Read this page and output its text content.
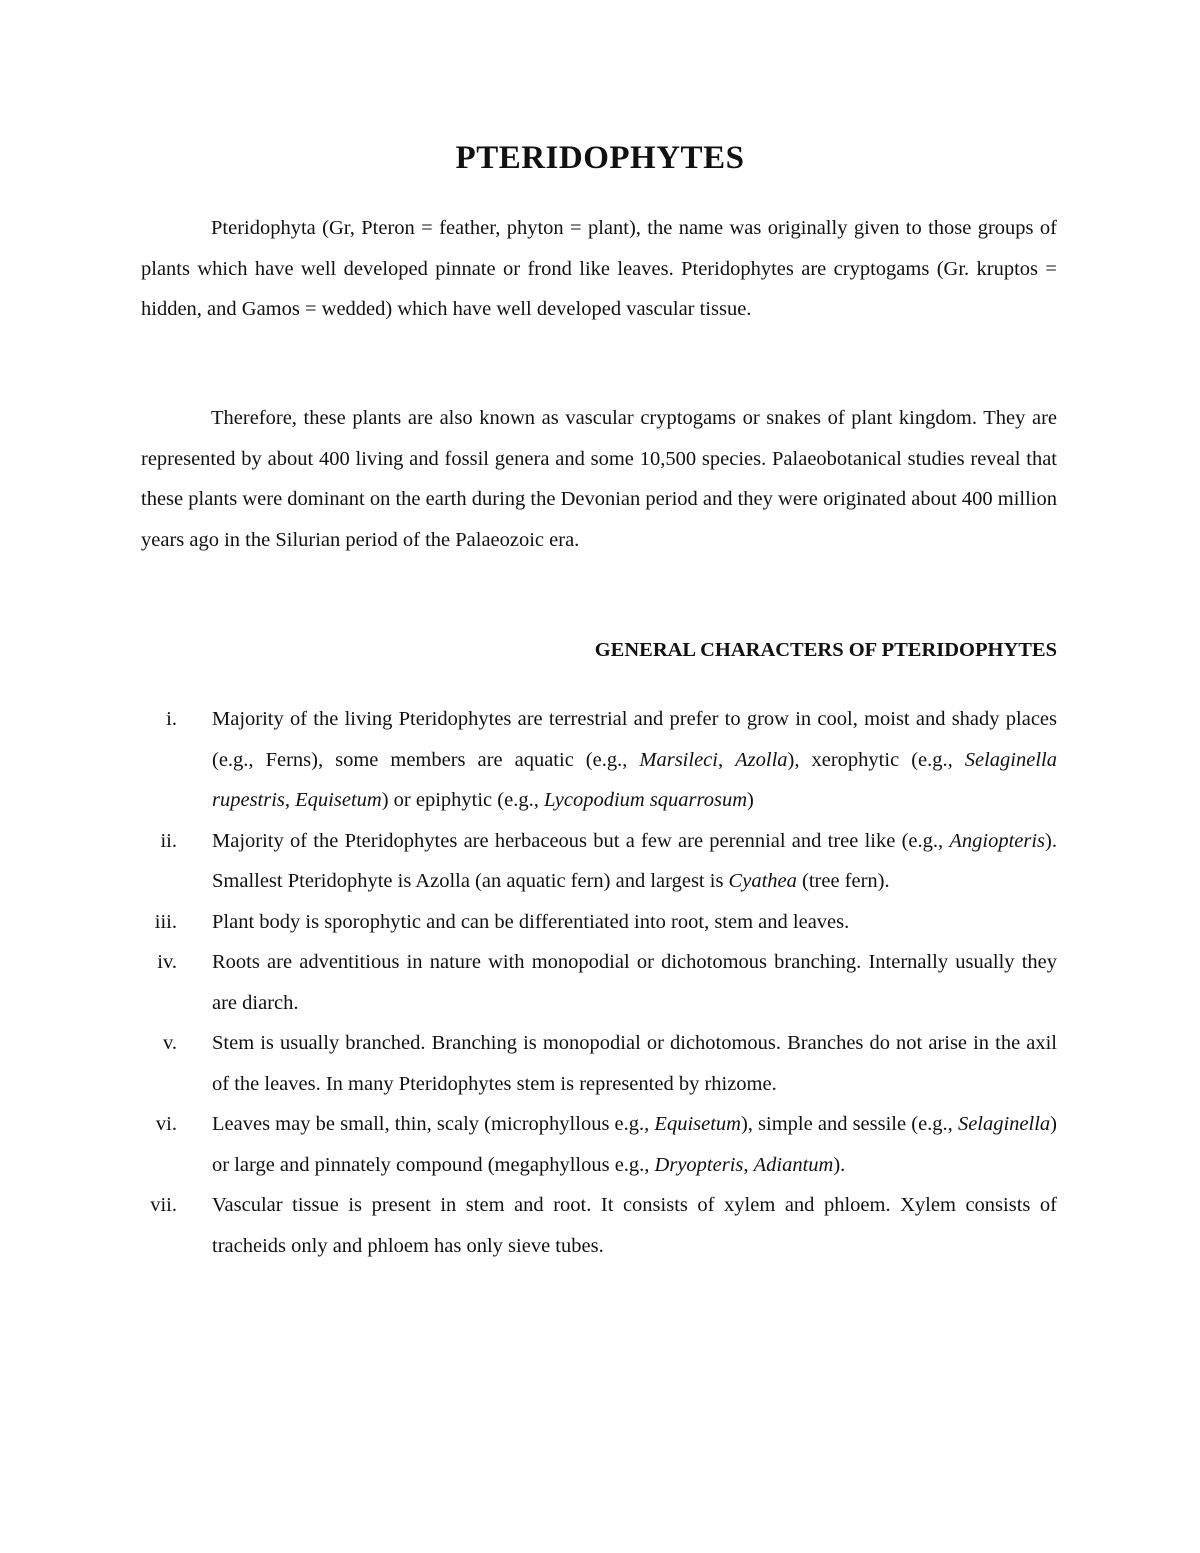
PTERIDOPHYTES

Pteridophyta (Gr, Pteron = feather, phyton = plant), the name was originally given to those groups of plants which have well developed pinnate or frond like leaves. Pteridophytes are cryptogams (Gr. kruptos = hidden, and Gamos = wedded) which have well developed vascular tissue.

Therefore, these plants are also known as vascular cryptogams or snakes of plant kingdom. They are represented by about 400 living and fossil genera and some 10,500 species. Palaeobotanical studies reveal that these plants were dominant on the earth during the Devonian period and they were originated about 400 million years ago in the Silurian period of the Palaeozoic era.

GENERAL CHARACTERS OF PTERIDOPHYTES

i. Majority of the living Pteridophytes are terrestrial and prefer to grow in cool, moist and shady places (e.g., Ferns), some members are aquatic (e.g., Marsileci, Azolla), xerophytic (e.g., Selaginella rupestris, Equisetum) or epiphytic (e.g., Lycopodium squarrosum)

ii. Majority of the Pteridophytes are herbaceous but a few are perennial and tree like (e.g., Angiopteris). Smallest Pteridophyte is Azolla (an aquatic fern) and largest is Cyathea (tree fern).

iii. Plant body is sporophytic and can be differentiated into root, stem and leaves.

iv. Roots are adventitious in nature with monopodial or dichotomous branching. Internally usually they are diarch.

v. Stem is usually branched. Branching is monopodial or dichotomous. Branches do not arise in the axil of the leaves. In many Pteridophytes stem is represented by rhizome.

vi. Leaves may be small, thin, scaly (microphyllous e.g., Equisetum), simple and sessile (e.g., Selaginella) or large and pinnately compound (megaphyllous e.g., Dryopteris, Adiantum).

vii. Vascular tissue is present in stem and root. It consists of xylem and phloem. Xylem consists of tracheids only and phloem has only sieve tubes.
